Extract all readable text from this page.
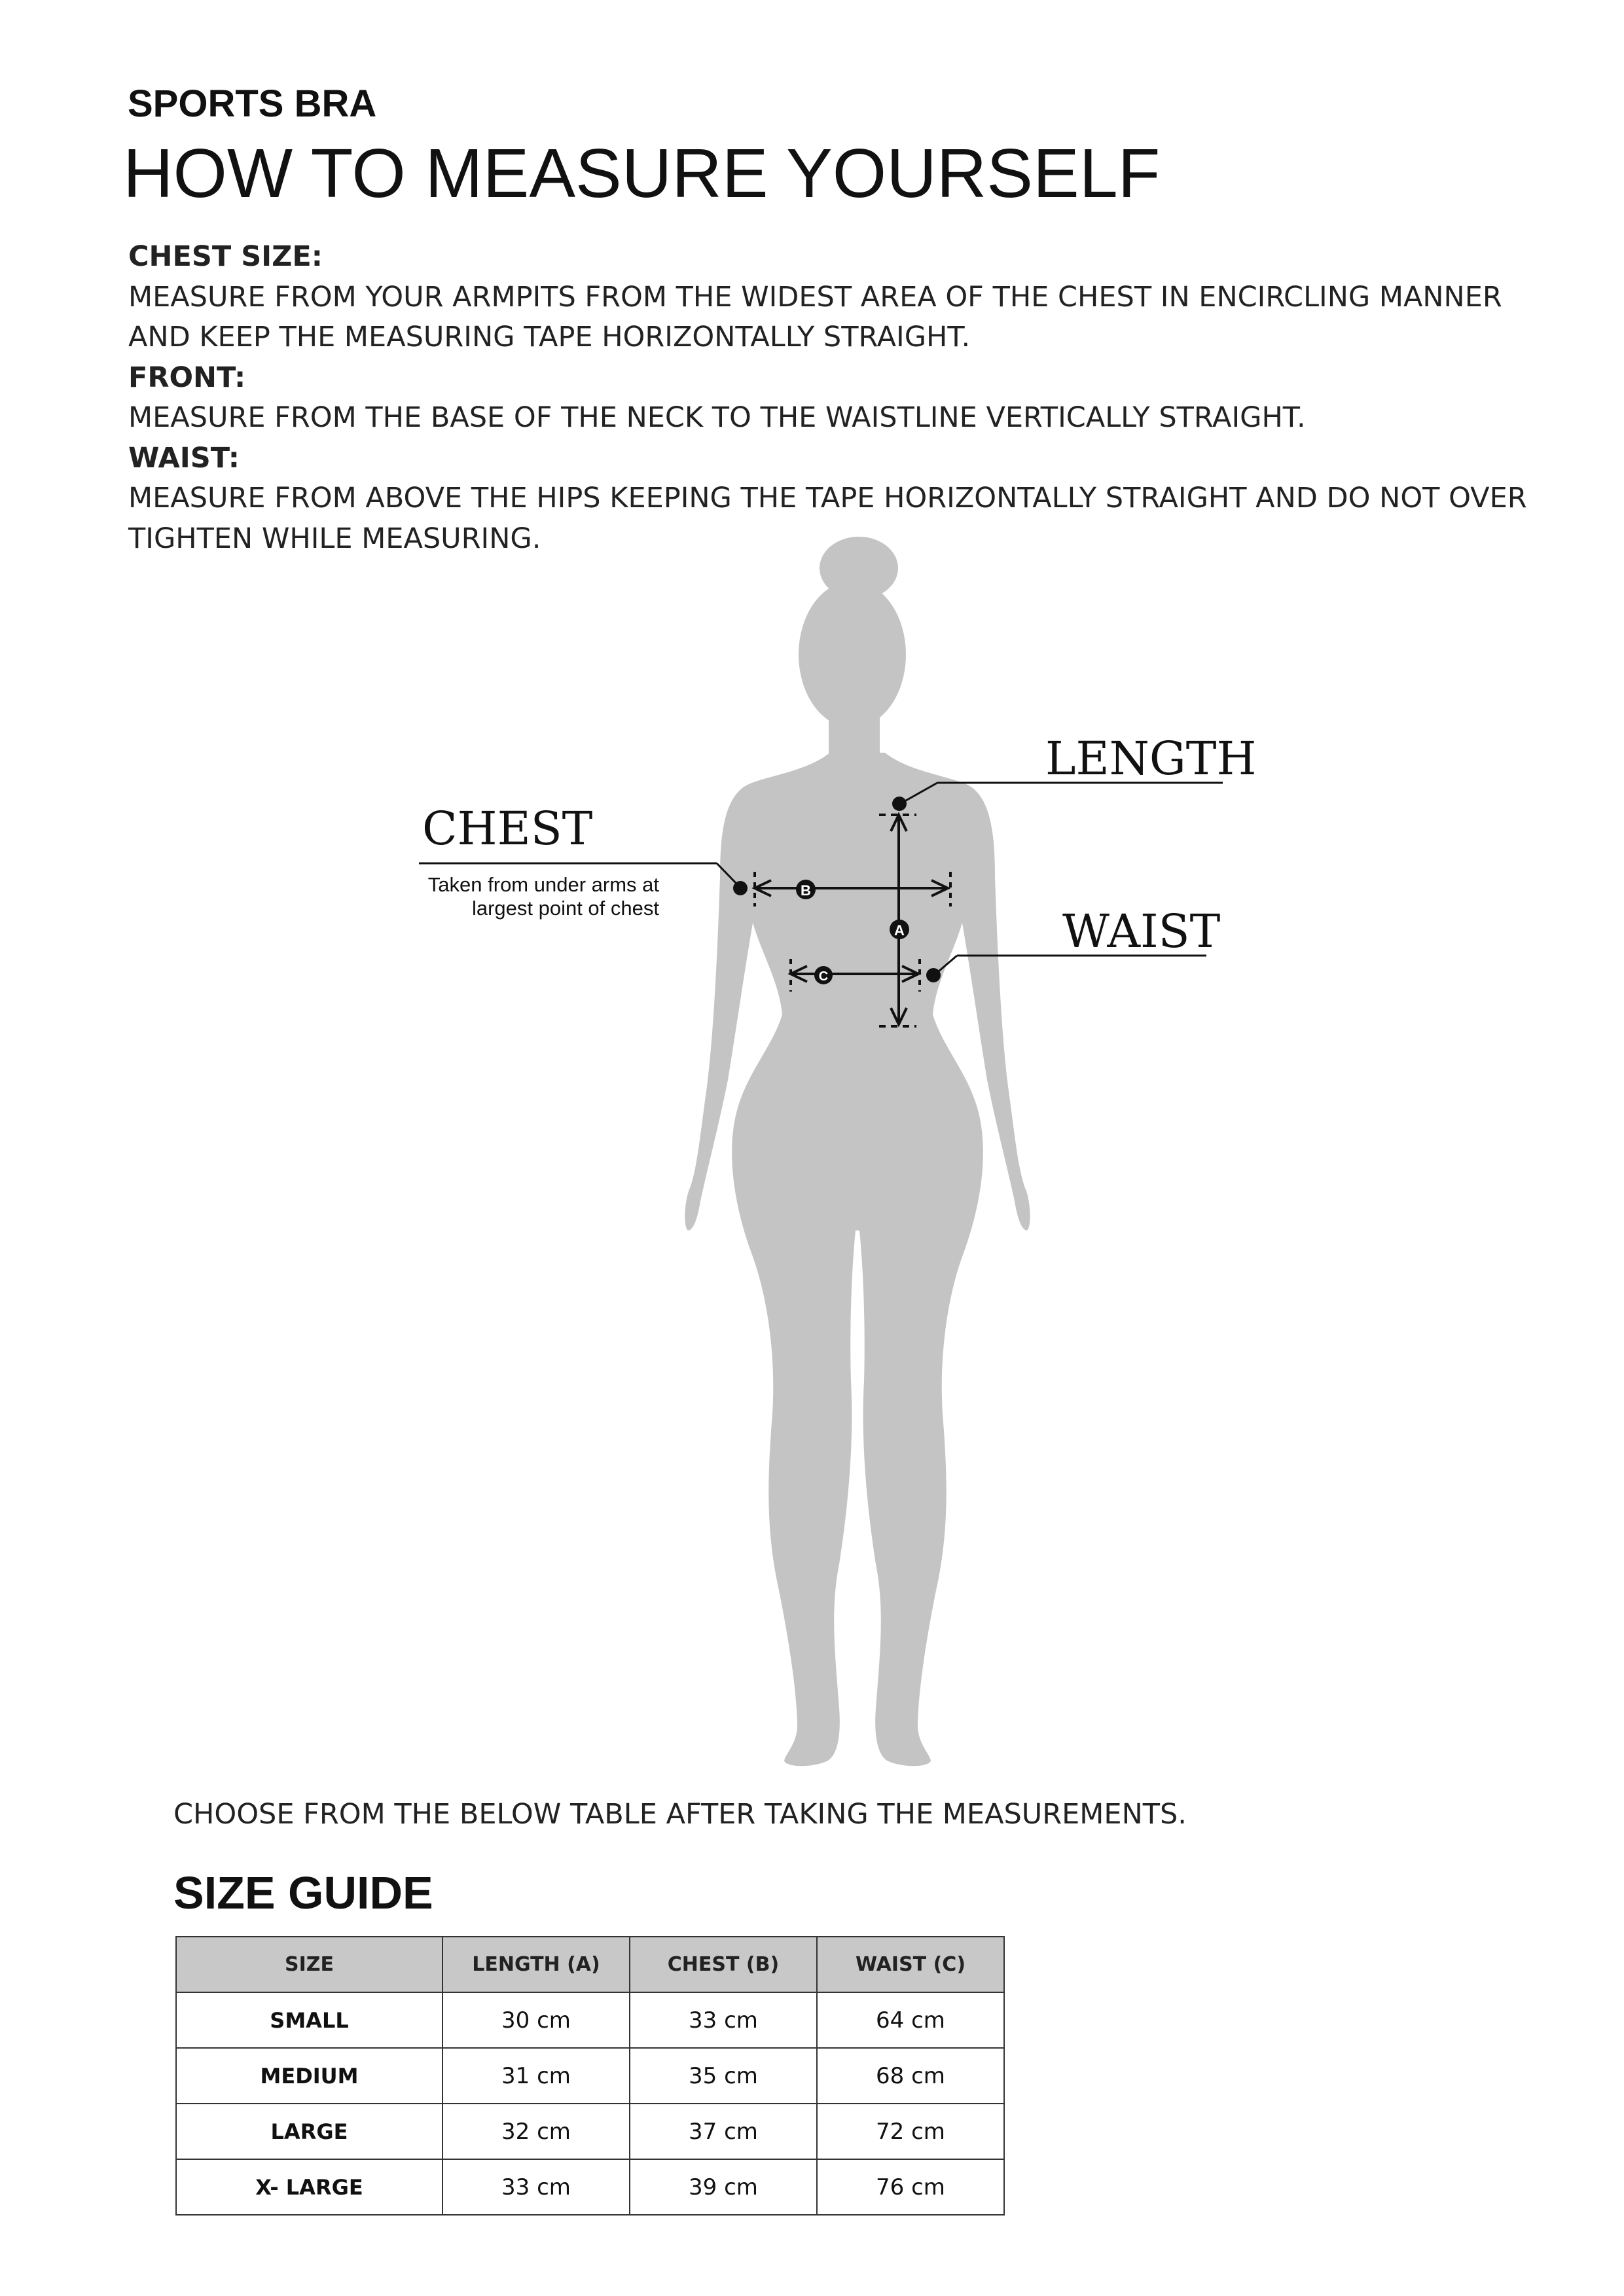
SPORTS BRA
HOW TO MEASURE YOURSELF

CHEST SIZE:

MEASURE FROM YOUR ARMPITS FROM THE WIDEST AREA OF THE CHEST IN ENCIRCLING MANNER AND KEEP THE MEASURING TAPE HORIZONTALLY STRAIGHT.

FRONT:

MEASURE FROM THE BASE OF THE NECK TO THE WAISTLINE VERTICALLY STRAIGHT.

WAIST:

MEASURE FROM ABOVE THE HIPS KEEPING THE TAPE HORIZONTALLY STRAIGHT AND DO NOT OVER TIGHTEN WHILE MEASURING.

A
B
C
LENGTH
CHEST
Taken from under arms at
largest point of chest	WAIST
CHOOSE FROM THE BELOW TABLE AFTER TAKING THE MEASUREMENTS.
SIZE GUIDE
SIZE	LENGTH (A)	CHEST (B)	WAIST (C)
SMALL	30 cm	33 cm	64 cm
MEDIUM	31 cm	35 cm	68 cm
LARGE	32 cm	37 cm	72 cm
X- LARGE	33 cm	39 cm	76 cm
